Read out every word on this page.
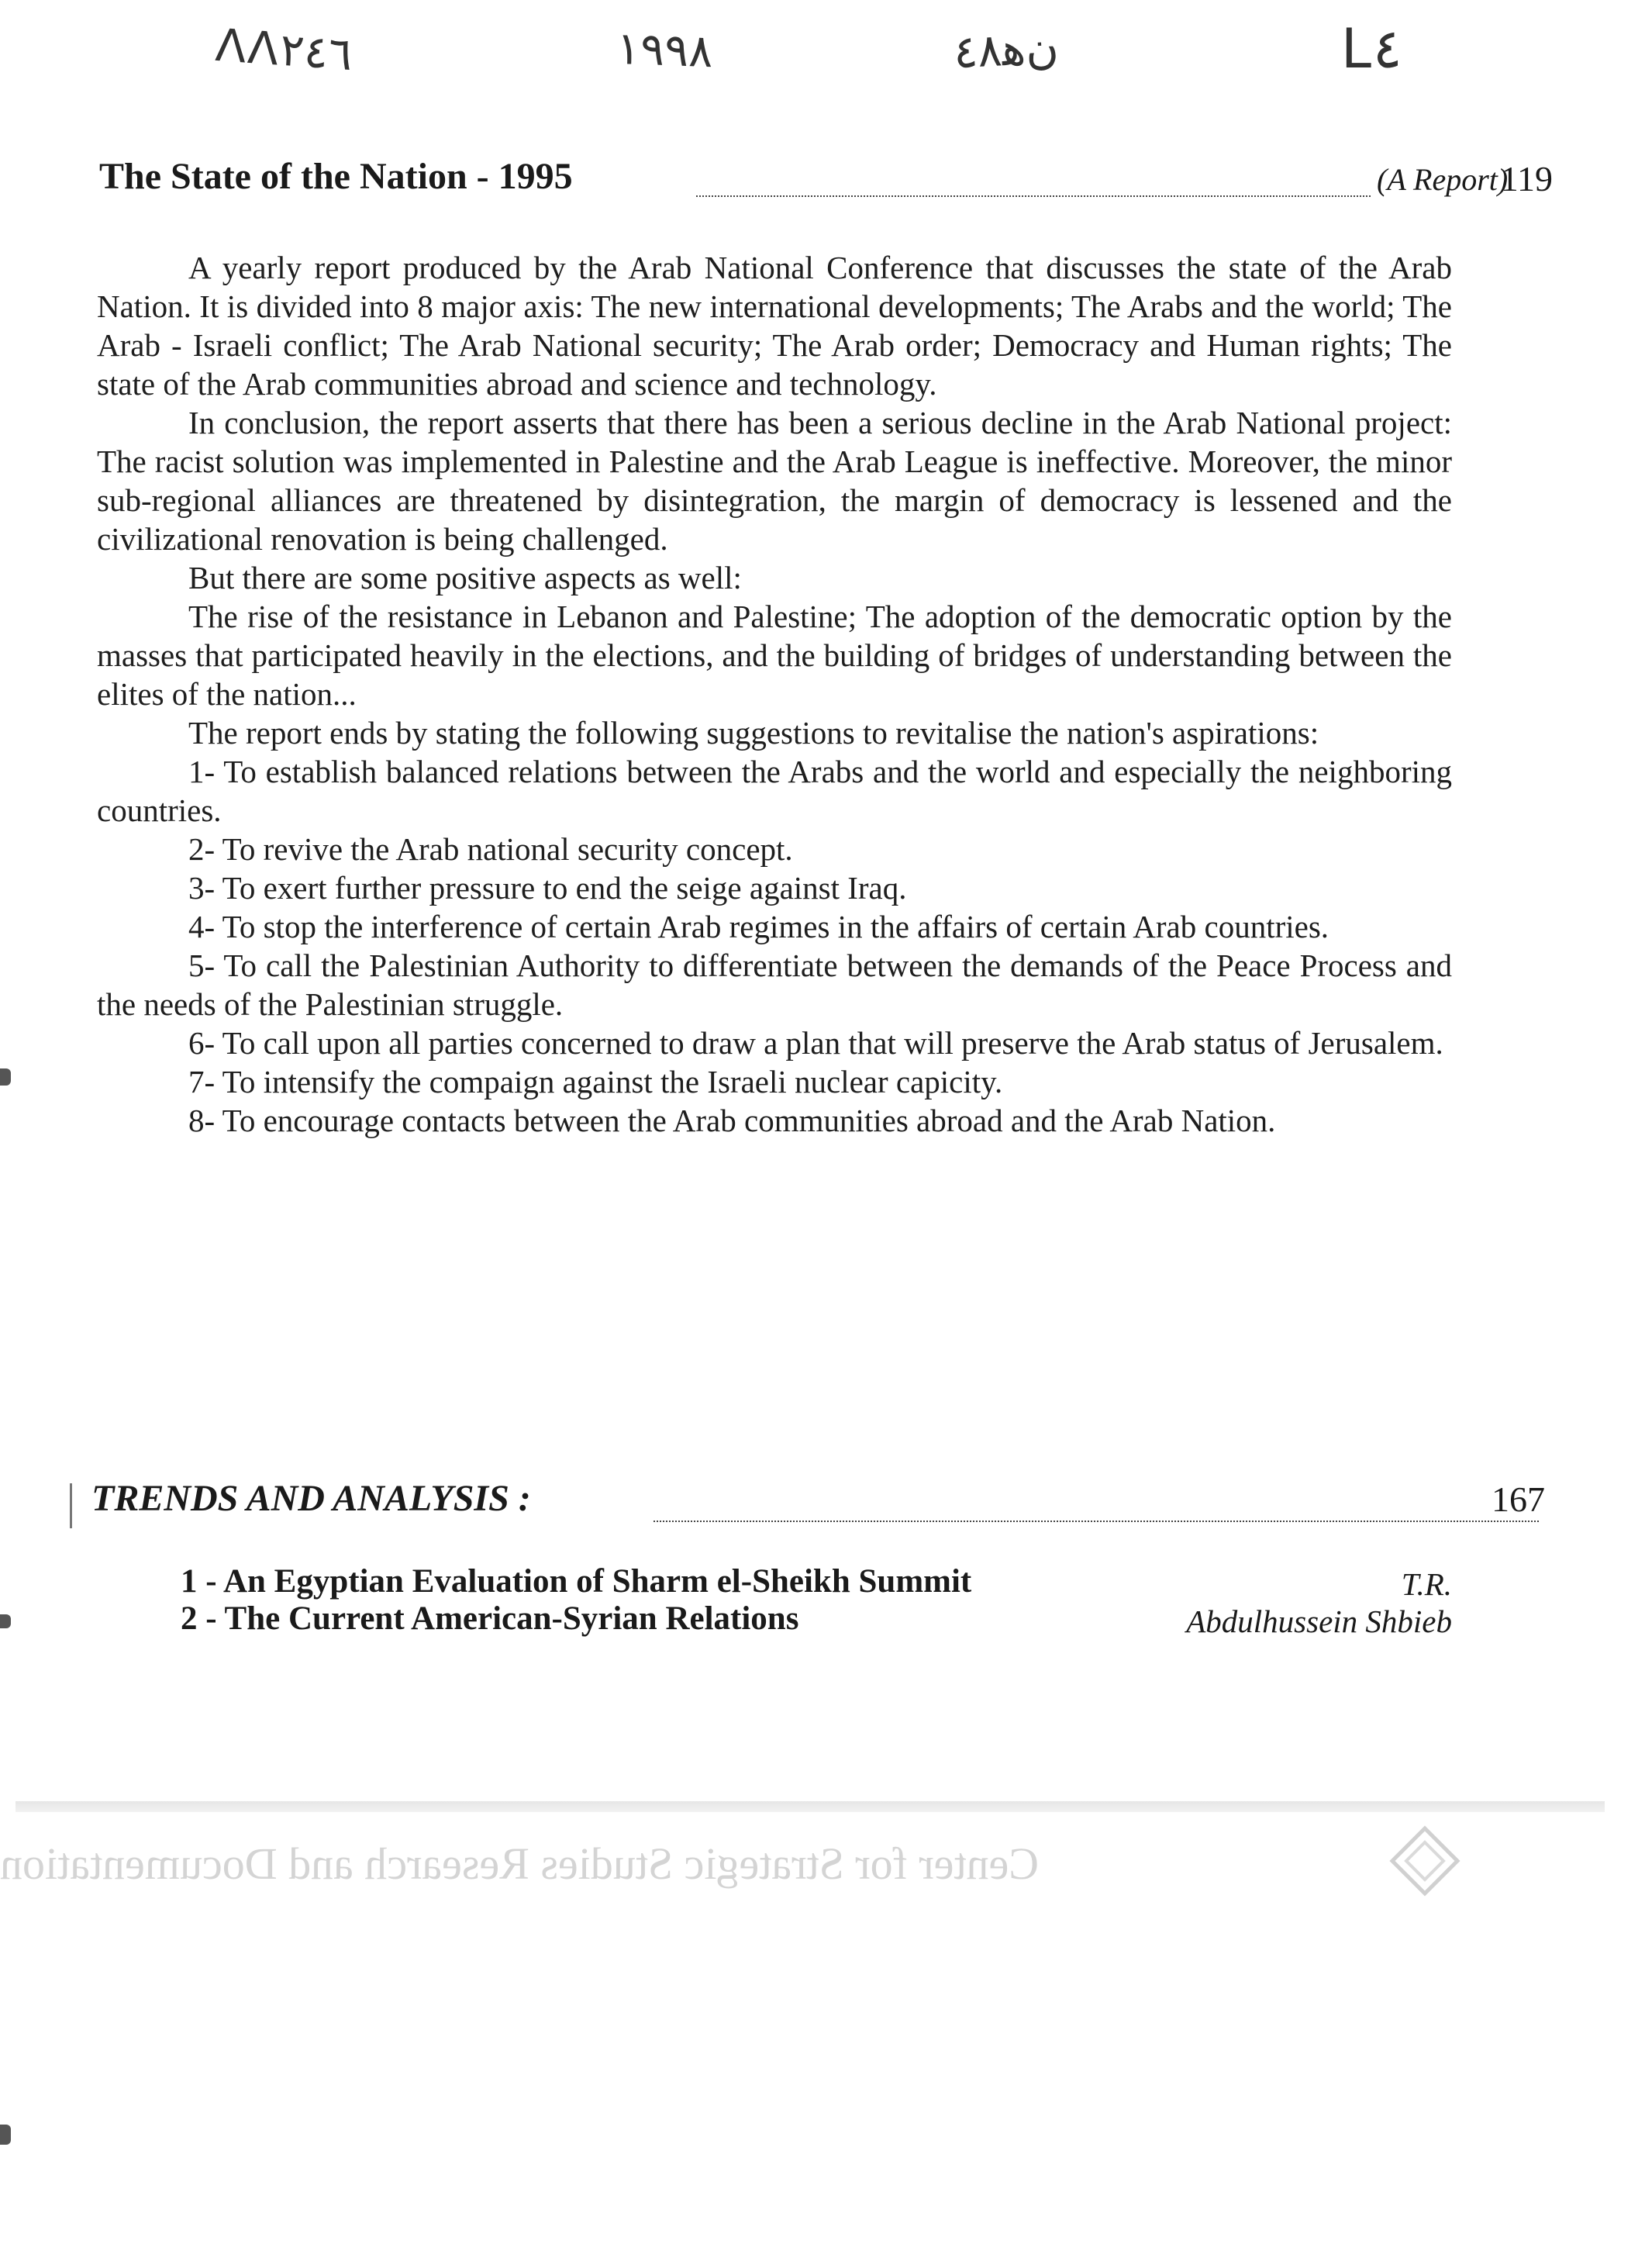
ΛΛ٢٤٦	١٩٩٨	ﻥﻫ٤٨	L٤
The State of the Nation - 1995	(A Report)
119

A yearly report produced by the Arab National Conference that discusses the state of the Arab Nation. It is divided into 8 major axis: The new international developments; The Arabs and the world; The Arab - Israeli conflict; The Arab National security; The Arab order; Democracy and Human rights; The state of the Arab communities abroad and science and technology.

In conclusion, the report asserts that there has been a serious decline in the Arab National project: The racist solution was implemented in Palestine and the Arab League is ineffective. Moreover, the minor sub-regional alliances are threatened by disintegration, the margin of democracy is lessened and the civilizational renovation is being challenged.

But there are some positive aspects as well:

The rise of the resistance in Lebanon and Palestine; The adoption of the democratic option by the masses that participated heavily in the elections, and the building of bridges of understanding between the elites of the nation...

The report ends by stating the following suggestions to revitalise the nation's aspirations:

1- To establish balanced relations between the Arabs and the world and especially the neighboring countries.

2- To revive the Arab national security concept.

3- To exert further pressure to end the seige against Iraq.

4- To stop the interference of certain Arab regimes in the affairs of certain Arab countries.

5- To call the Palestinian Authority to differentiate between the demands of the Peace Process and the needs of the Palestinian struggle.

6- To call upon all parties concerned to draw a plan that will preserve the Arab status of Jerusalem.

7- To intensify the compaign against the Israeli nuclear capicity.

8- To encourage contacts between the Arab communities abroad and the Arab Nation.

TRENDS AND ANALYSIS :	167
1 - An Egyptian Evaluation of Sharm el-Sheikh Summit	T.R.
2 - The Current American-Syrian Relations	Abdulhussein Shbieb
Center for Strategic Studies Research and Documentation
